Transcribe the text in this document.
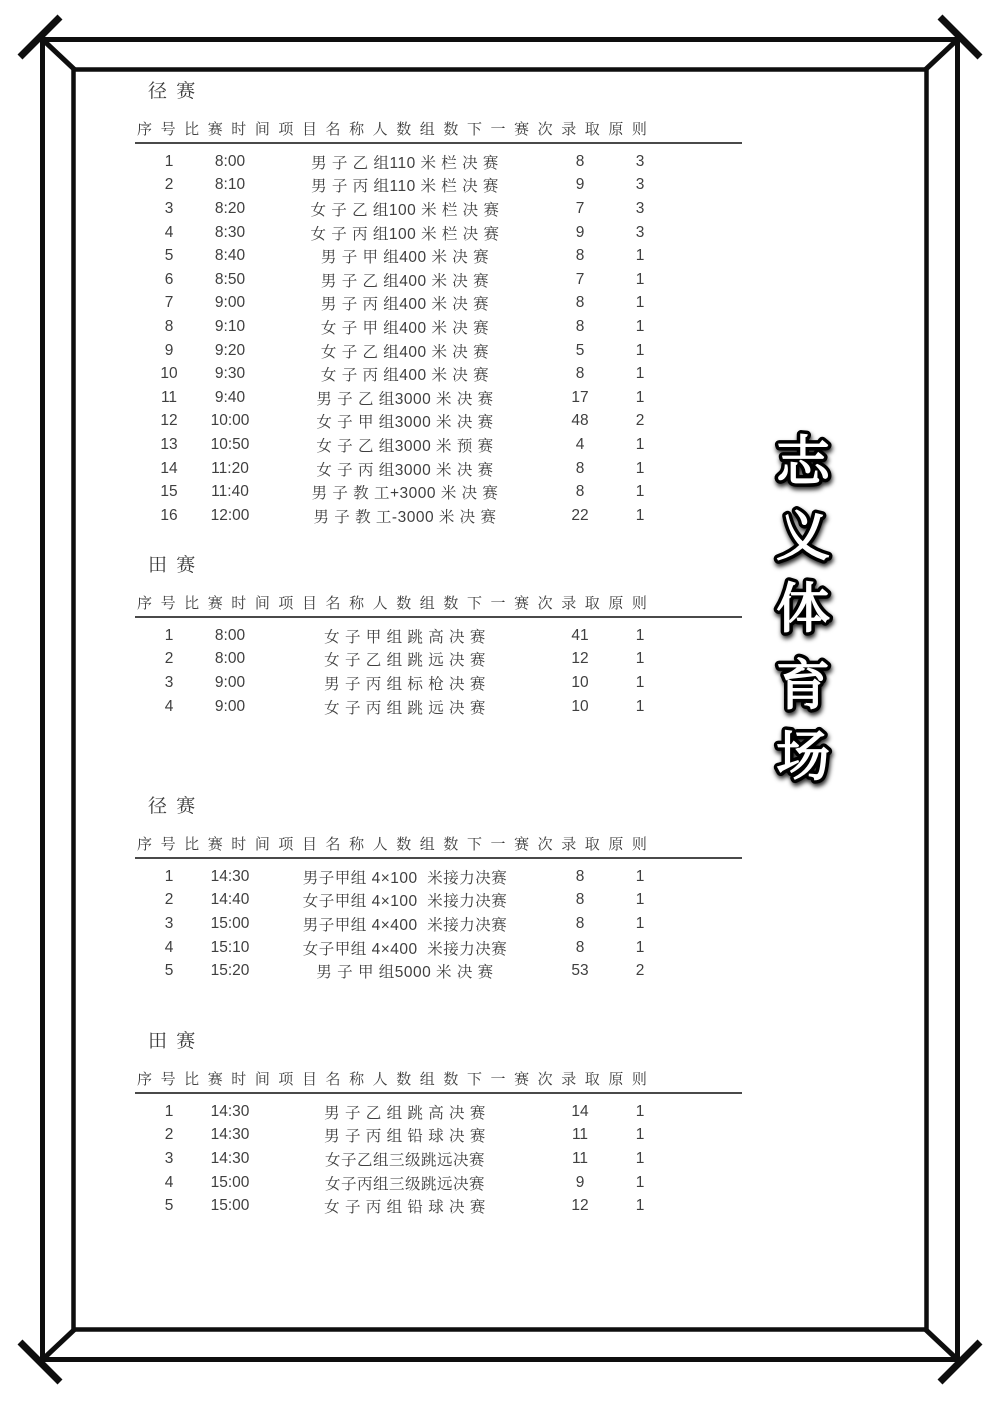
径 赛
序 号 比 赛 时 间 项 目 名 称 人 数 组 数 下 一 赛 次 录 取 原 则
1	8:00	男 子 乙 组110 米 栏 决 赛	8	3
2	8:10	男 子 丙 组110 米 栏 决 赛	9	3
3	8:20	女 子 乙 组100 米 栏 决 赛	7	3
4	8:30	女 子 丙 组100 米 栏 决 赛	9	3
5	8:40	男 子 甲 组400 米 决 赛	8	1
6	8:50	男 子 乙 组400 米 决 赛	7	1
7	9:00	男 子 丙 组400 米 决 赛	8	1
8	9:10	女 子 甲 组400 米 决 赛	8	1
9	9:20	女 子 乙 组400 米 决 赛	5	1
10	9:30	女 子 丙 组400 米 决 赛	8	1
11	9:40	男 子 乙 组3000 米 决 赛	17	1
12	10:00	女 子 甲 组3000 米 决 赛	48	2
13	10:50	女 子 乙 组3000 米 预 赛	4	1
14	11:20	女 子 丙 组3000 米 决 赛	8	1
15	11:40	男 子 教 工+3000 米 决 赛	8	1
16	12:00	男 子 教 工-3000 米 决 赛	22	1
田 赛
序 号 比 赛 时 间 项 目 名 称 人 数 组 数 下 一 赛 次 录 取 原 则
1	8:00	女 子 甲 组 跳 高 决 赛	41	1
2	8:00	女 子 乙 组 跳 远 决 赛	12	1
3	9:00	男 子 丙 组 标 枪 决 赛	10	1
4	9:00	女 子 丙 组 跳 远 决 赛	10	1
径 赛
序 号 比 赛 时 间 项 目 名 称 人 数 组 数 下 一 赛 次 录 取 原 则
1	14:30	男子甲组 4×100  米接力决赛	8	1
2	14:40	女子甲组 4×100  米接力决赛	8	1
3	15:00	男子甲组 4×400  米接力决赛	8	1
4	15:10	女子甲组 4×400  米接力决赛	8	1
5	15:20	男 子 甲 组5000 米 决 赛	53	2
田 赛
序 号 比 赛 时 间 项 目 名 称 人 数 组 数 下 一 赛 次 录 取 原 则
1	14:30	男 子 乙 组 跳 高 决 赛	14	1
2	14:30	男 子 丙 组 铅 球 决 赛	11	1
3	14:30	女子乙组三级跳远决赛	11	1
4	15:00	女子丙组三级跳远决赛	9	1
5	15:00	女 子 丙 组 铅 球 决 赛	12	1
志
义
体
育
场
